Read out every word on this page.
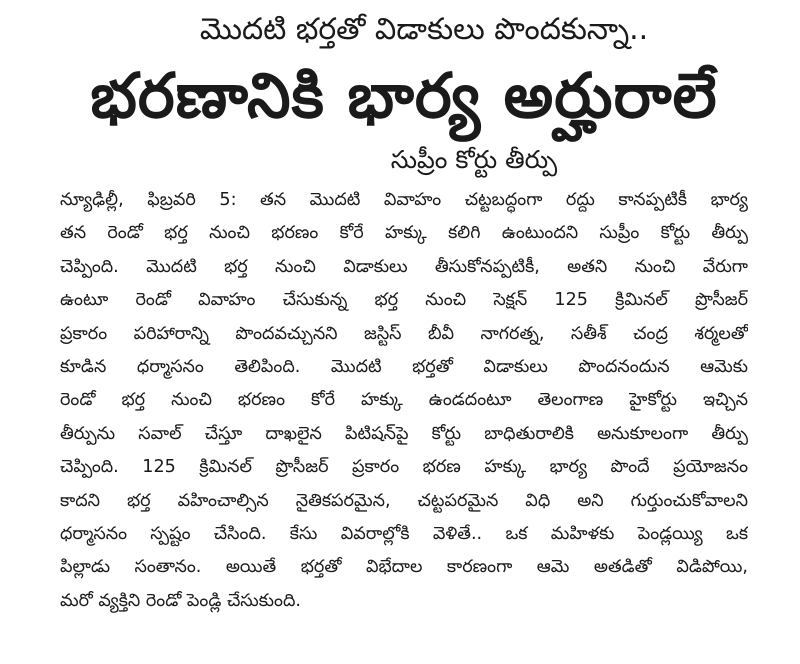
మొదటి భర్తతో విడాకులు పొందకున్నా..
భరణానికి భార్య అర్హురాలే
సుప్రీం కోర్టు తీర్పు
న్యూఢిల్లీ, ఫిబ్రవరి 5: తన మొదటి వివాహం చట్టబద్ధంగా రద్దు కానప్పటికీ భార్య
తన రెండో భర్త నుంచి భరణం కోరే హక్కు కలిగి ఉంటుందని సుప్రీం కోర్టు తీర్పు
చెప్పింది. మొదటి భర్త నుంచి విడాకులు తీసుకోనప్పటికీ, అతని నుంచి వేరుగా
ఉంటూ రెండో వివాహం చేసుకున్న భర్త నుంచి సెక్షన్ 125 క్రిమినల్ ప్రొసీజర్
ప్రకారం పరిహారాన్ని పొందవచ్చునని జస్టిస్ బీవీ నాగరత్న, సతీశ్ చంద్ర శర్మలతో
కూడిన ధర్మాసనం తెలిపింది. మొదటి భర్తతో విడాకులు పొందనందున ఆమెకు
రెండో భర్త నుంచి భరణం కోరే హక్కు ఉండదంటూ తెలంగాణ హైకోర్టు ఇచ్చిన
తీర్పును సవాల్ చేస్తూ దాఖలైన పిటిషన్‌పై కోర్టు బాధితురాలికి అనుకూలంగా తీర్పు
చెప్పింది. 125 క్రిమినల్ ప్రొసీజర్ ప్రకారం భరణ హక్కు భార్య పొందే ప్రయోజనం
కాదని భర్త వహించాల్సిన నైతికపరమైన, చట్టపరమైన విధి అని గుర్తుంచుకోవాలని
ధర్మాసనం స్పష్టం చేసింది. కేసు వివరాల్లోకి వెళితే.. ఒక మహిళకు పెండ్లయ్యి ఒక
పిల్లాడు సంతానం. అయితే భర్తతో విభేదాల కారణంగా ఆమె అతడితో విడిపోయి,
మరో వ్యక్తిని రెండో పెండ్లి చేసుకుంది.
